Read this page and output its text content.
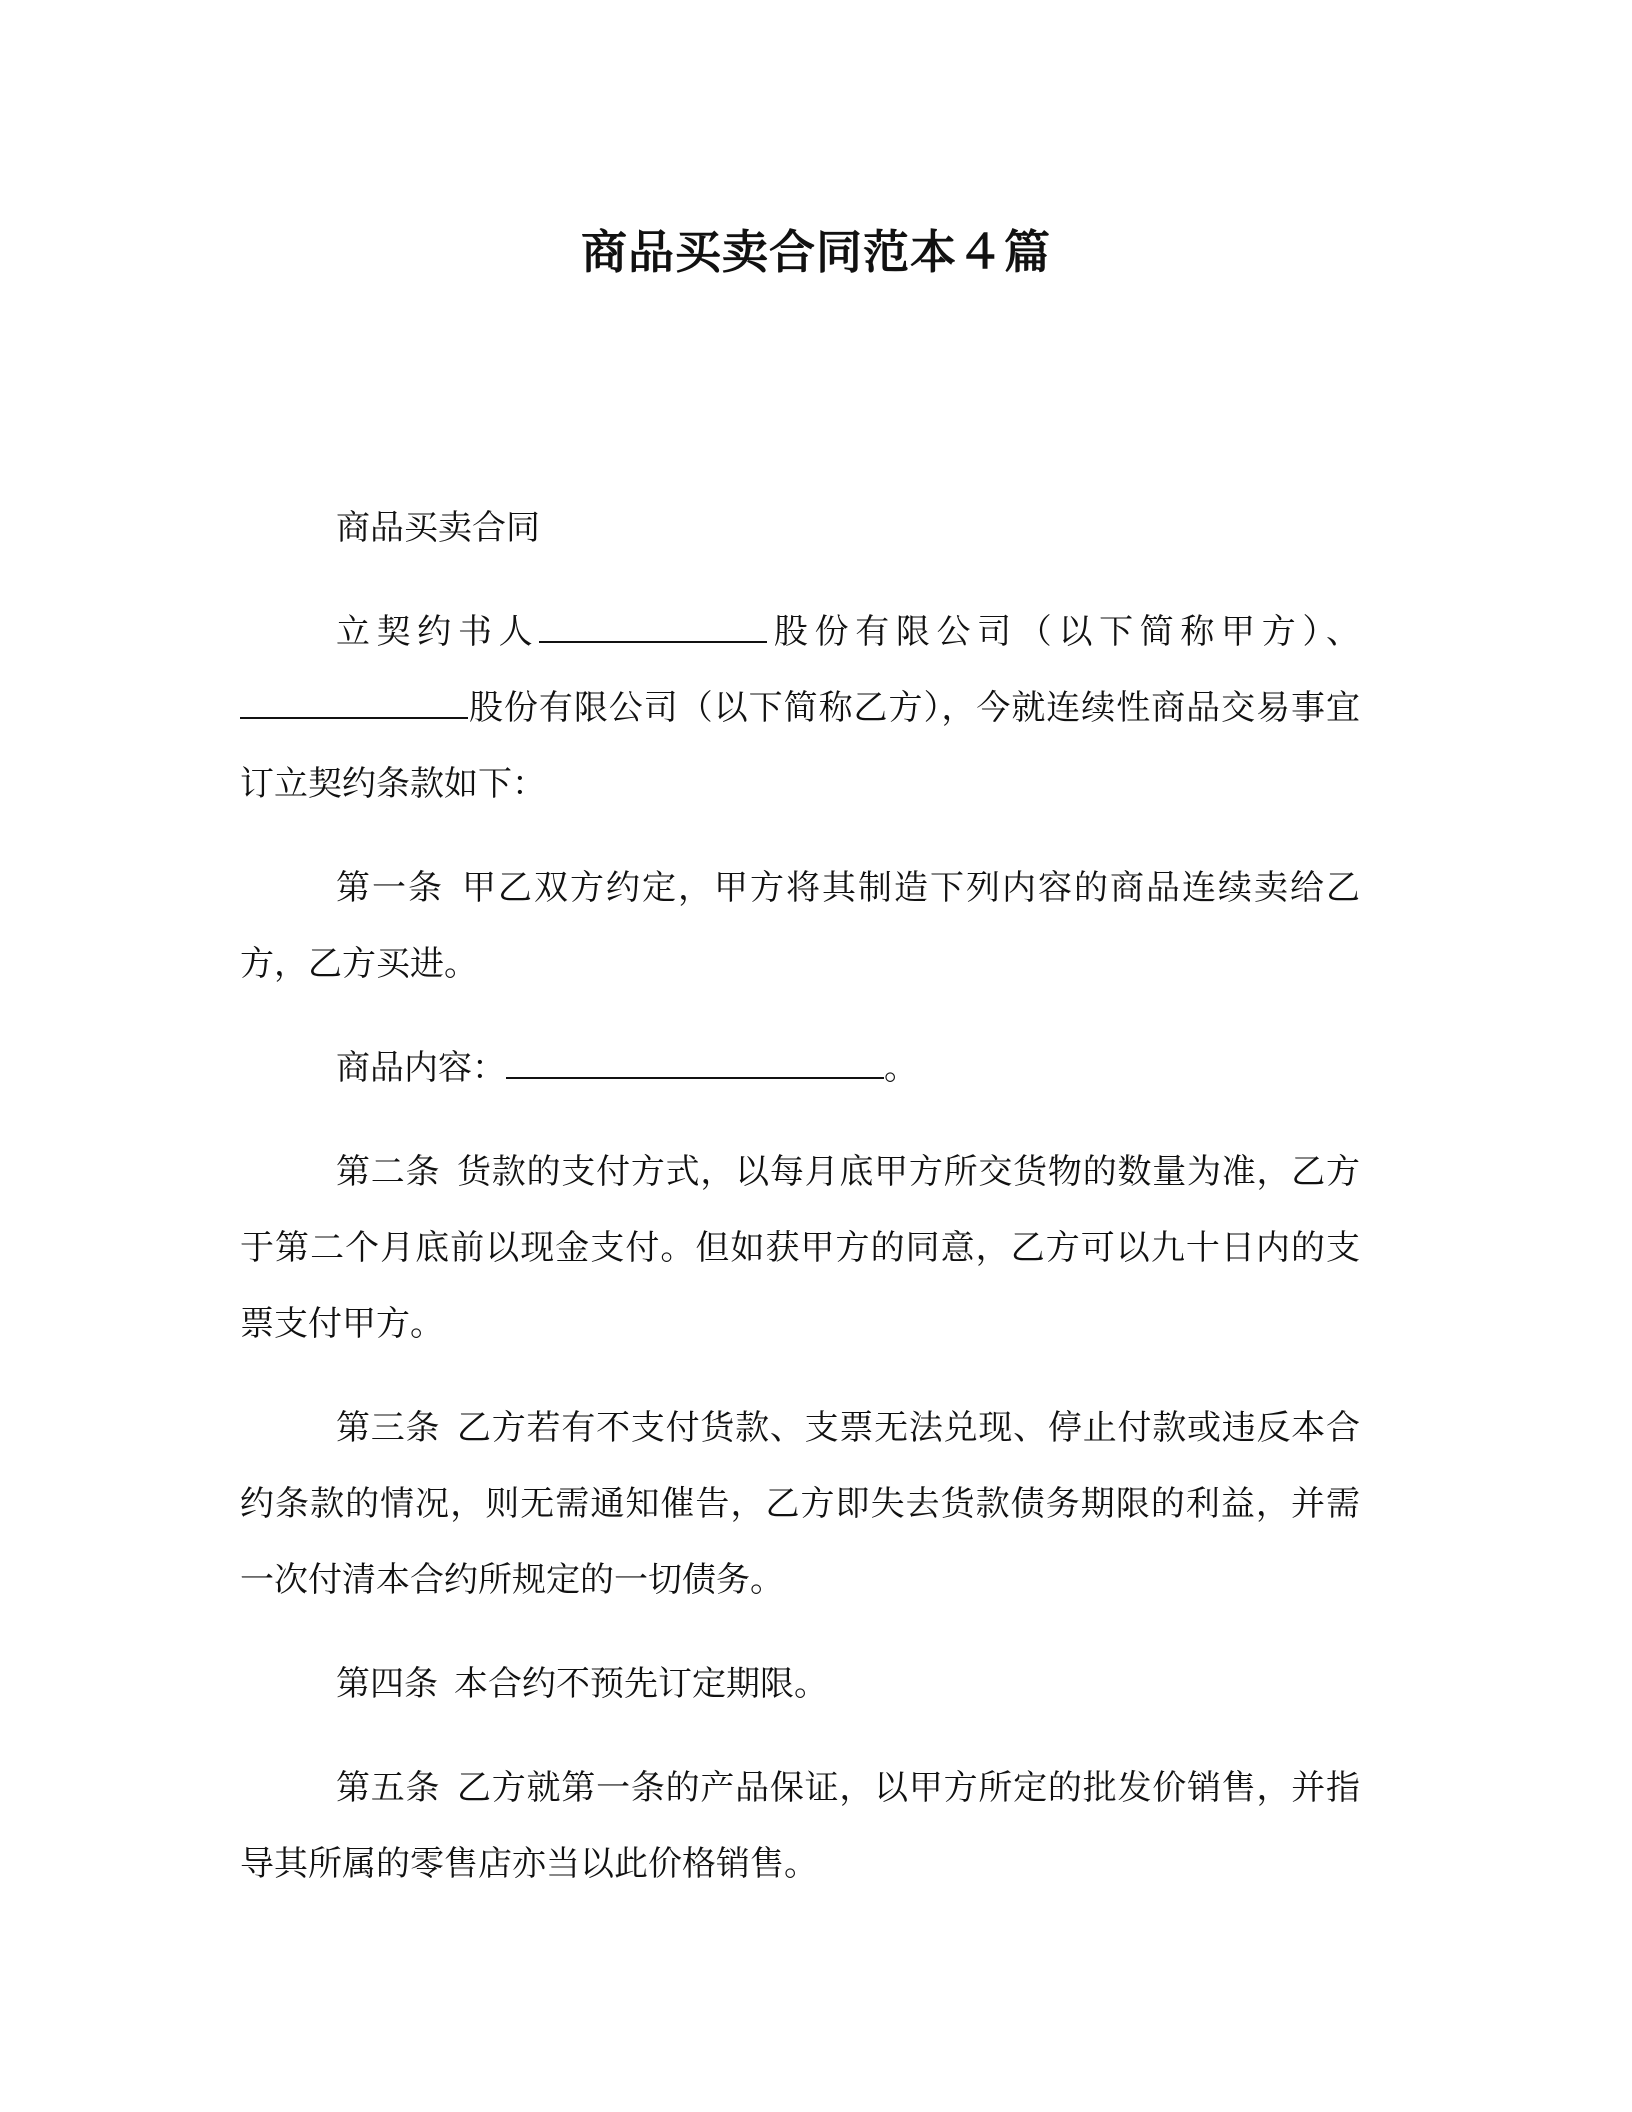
商品买卖合同范本４篇

商品买卖合同

立契约书人	股份有限公司（以下简称甲方）、股份有限公司（以下简称乙方），今就连续性商品交易事宜订立契约条款如下：

第一条 甲乙双方约定，甲方将其制造下列内容的商品连续卖给乙方，乙方买进。

商品内容：	。

第二条 货款的支付方式，以每月底甲方所交货物的数量为准，乙方于第二个月底前以现金支付。但如获甲方的同意，乙方可以九十日内的支票支付甲方。

第三条 乙方若有不支付货款、支票无法兑现、停止付款或违反本合约条款的情况，则无需通知催告，乙方即失去货款债务期限的利益，并需一次付清本合约所规定的一切债务。

第四条 本合约不预先订定期限。

第五条 乙方就第一条的产品保证，以甲方所定的批发价销售，并指导其所属的零售店亦当以此价格销售。
